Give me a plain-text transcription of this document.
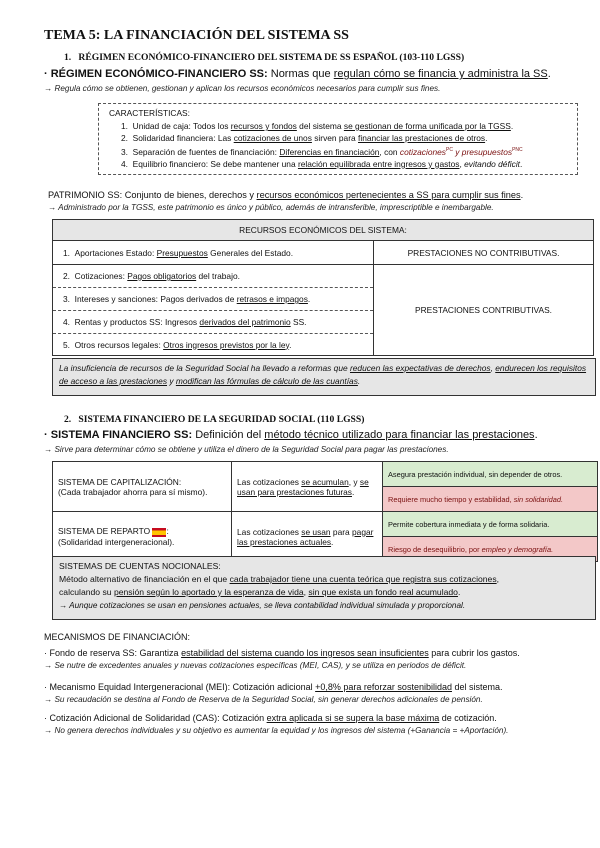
TEMA 5: LA FINANCIACIÓN DEL SISTEMA SS
1. RÉGIMEN ECONÓMICO-FINANCIERO DEL SISTEMA DE SS ESPAÑOL (103-110 LGSS)
· RÉGIMEN ECONÓMICO-FINANCIERO SS: Normas que regulan cómo se financia y administra la SS.
→ Regula cómo se obtienen, gestionan y aplican los recursos económicos necesarios para cumplir sus fines.
CARACTERÍSTICAS:
1. Unidad de caja: Todos los recursos y fondos del sistema se gestionan de forma unificada por la TGSS.
2. Solidaridad financiera: Las cotizaciones de unos sirven para financiar las prestaciones de otros.
3. Separación de fuentes de financiación: Diferencias en financiación, con cotizaciones$^{PC}$ y presupuestos$^{PNC}$
4. Equilibrio financiero: Se debe mantener una relación equilibrada entre ingresos y gastos, evitando déficit.
PATRIMONIO SS: Conjunto de bienes, derechos y recursos económicos pertenecientes a SS para cumplir sus fines.
→ Administrado por la TGSS, este patrimonio es único y público, además de intransferible, imprescriptible e inembargable.
RECURSOS ECONÓMICOS DEL SISTEMA:	
1. Aportaciones Estado: Presupuestos Generales del Estado.	PRESTACIONES NO CONTRIBUTIVAS.
2. Cotizaciones: Pagos obligatorios del trabajo.	PRESTACIONES CONTRIBUTIVAS.
3. Intereses y sanciones: Pagos derivados de retrasos e impagos.	
4. Rentas y productos SS: Ingresos derivados del patrimonio SS.	
5. Otros recursos legales: Otros ingresos previstos por la ley.	
La insuficiencia de recursos de la Seguridad Social ha llevado a reformas que reducen las expectativas de derechos, endurecen los requisitos de acceso a las prestaciones y modifican las fórmulas de cálculo de las cuantías.
2. SISTEMA FINANCIERO DE LA SEGURIDAD SOCIAL (110 LGSS)
· SISTEMA FINANCIERO SS: Definición del método técnico utilizado para financiar las prestaciones.
→ Sirve para determinar cómo se obtiene y utiliza el dinero de la Seguridad Social para pagar las prestaciones.
SISTEMA DE CAPITALIZACIÓN:
(Cada trabajador ahorra para sí mismo).	Las cotizaciones se acumulan, y se usan para prestaciones futuras.	Asegura prestación individual, sin depender de otros.
		Requiere mucho tiempo y estabilidad, sin solidaridad.

SISTEMA DE REPARTO :
(Solidaridad intergeneracional).	Las cotizaciones se usan para pagar las prestaciones actuales.	Permite cobertura inmediata y de forma solidaria.
		Riesgo de desequilibrio, por empleo y demografía.
SISTEMAS DE CUENTAS NOCIONALES:
Método alternativo de financiación en el que cada trabajador tiene una cuenta teórica que registra sus cotizaciones,
calculando su pensión según lo aportado y la esperanza de vida, sin que exista un fondo real acumulado.
→ Aunque cotizaciones se usan en pensiones actuales, se lleva contabilidad individual simulada y proporcional.
MECANISMOS DE FINANCIACIÓN:
· Fondo de reserva SS: Garantiza estabilidad del sistema cuando los ingresos sean insuficientes para cubrir los gastos.
→ Se nutre de excedentes anuales y nuevas cotizaciones específicas (MEI, CAS), y se utiliza en periodos de déficit.
· Mecanismo Equidad Intergeneracional (MEI): Cotización adicional +0,8% para reforzar sostenibilidad del sistema.
→ Su recaudación se destina al Fondo de Reserva de la Seguridad Social, sin generar derechos adicionales de pensión.
· Cotización Adicional de Solidaridad (CAS): Cotización extra aplicada si se supera la base máxima de cotización.
→ No genera derechos individuales y su objetivo es aumentar la equidad y los ingresos del sistema (+Ganancia = +Aportación).
